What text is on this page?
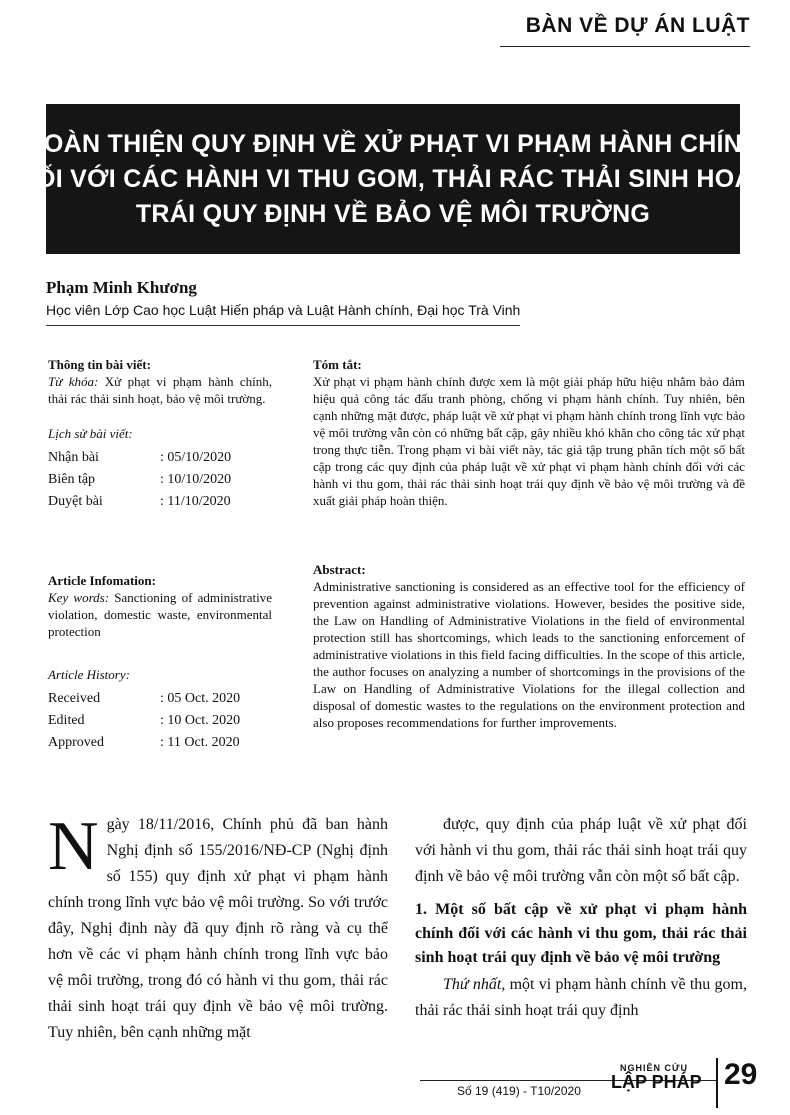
BÀN VỀ DỰ ÁN LUẬT
HOÀN THIỆN QUY ĐỊNH VỀ XỬ PHẠT VI PHẠM HÀNH CHÍNH
ĐỐI VỚI CÁC HÀNH VI THU GOM, THẢI RÁC THẢI SINH HOẠT
TRÁI QUY ĐỊNH VỀ BẢO VỆ MÔI TRƯỜNG
Phạm Minh Khương
Học viên Lớp Cao học Luật Hiến pháp và Luật Hành chính, Đại học Trà Vinh
Thông tin bài viết:
Từ khóa: Xử phạt vi phạm hành chính, thải rác thải sinh hoạt, bảo vệ môi trường.
Lịch sử bài viết:
Nhận bài	: 05/10/2020
Biên tập	: 10/10/2020
Duyệt bài	: 11/10/2020
Article Infomation:
Key words: Sanctioning of administrative violation, domestic waste, environmental protection
Article History:
Received	: 05 Oct. 2020
Edited	: 10 Oct. 2020
Approved	: 11 Oct. 2020
Tóm tắt:
Xử phạt vi phạm hành chính được xem là một giải pháp hữu hiệu nhằm bảo đảm hiệu quả công tác đấu tranh phòng, chống vi phạm hành chính. Tuy nhiên, bên cạnh những mặt được, pháp luật về xử phạt vi phạm hành chính trong lĩnh vực bảo vệ môi trường vẫn còn có những bất cập, gây nhiều khó khăn cho công tác xử phạt trong thực tiễn. Trong phạm vi bài viết này, tác giả tập trung phân tích một số bất cập trong các quy định của pháp luật về xử phạt vi phạm hành chính đối với các hành vi thu gom, thải rác thải sinh hoạt trái quy định về bảo vệ môi trường và đề xuất giải pháp hoàn thiện.
Abstract:
Administrative sanctioning is considered as an effective tool for the efficiency of prevention against administrative violations. However, besides the positive side, the Law on Handling of Administrative Violations in the field of environmental protection still has shortcomings, which leads to the sanctioning enforcement of administrative violations in this field facing difficulties. In the scope of this article, the author focuses on analyzing a number of shortcomings in the provisions of the Law on Handling of Administrative Violations for the illegal collection and disposal of domestic wastes to the regulations on the environment protection and also proposes recommendations for further improvements.
N gày 18/11/2016, Chính phủ đã ban hành Nghị định số 155/2016/NĐ-CP (Nghị định số 155) quy định xử phạt vi phạm hành chính trong lĩnh vực bảo vệ môi trường. So với trước đây, Nghị định này đã quy định rõ ràng và cụ thể hơn về các vi phạm hành chính trong lĩnh vực bảo vệ môi trường, trong đó có hành vi thu gom, thải rác thải sinh hoạt trái quy định về bảo vệ môi trường. Tuy nhiên, bên cạnh những mặt
được, quy định của pháp luật về xử phạt đối với hành vi thu gom, thải rác thải sinh hoạt trái quy định về bảo vệ môi trường vẫn còn một số bất cập.
1. Một số bất cập về xử phạt vi phạm hành chính đối với các hành vi thu gom, thải rác thải sinh hoạt trái quy định về bảo vệ môi trường
Thứ nhất, một vi phạm hành chính về thu gom, thải rác thải sinh hoạt trái quy định
Số 19 (419) - T10/2020
NGHIÊN CỨU
LẬP PHÁP 29
